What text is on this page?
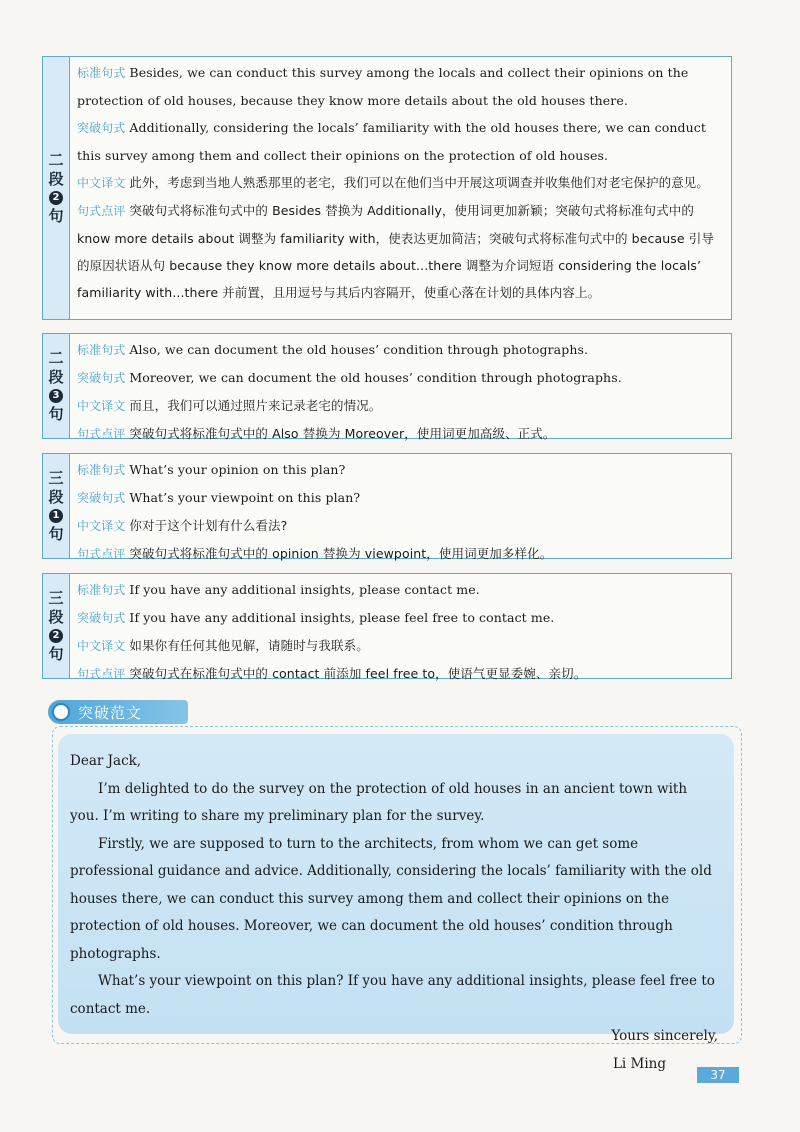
二
段
2
句
标准句式 Besides, we can conduct this survey among the locals and collect their opinions on the protection of old houses, because they know more details about the old houses there.
突破句式 Additionally, considering the locals’ familiarity with the old houses there, we can conduct this survey among them and collect their opinions on the protection of old houses.
中文译文 此外，考虑到当地人熟悉那里的老宅，我们可以在他们当中开展这项调查并收集他们对老宅保护的意见。
句式点评 突破句式将标准句式中的 Besides 替换为 Additionally，使用词更加新颖；突破句式将标准句式中的 know more details about 调整为 familiarity with，使表达更加简洁；突破句式将标准句式中的 because 引导的原因状语从句 because they know more details about...there 调整为介词短语 considering the locals’ familiarity with...there 并前置，且用逗号与其后内容隔开，使重心落在计划的具体内容上。
二
段
3
句
标准句式 Also, we can document the old houses’ condition through photographs.
突破句式 Moreover, we can document the old houses’ condition through photographs.
中文译文 而且，我们可以通过照片来记录老宅的情况。
句式点评 突破句式将标准句式中的 Also 替换为 Moreover，使用词更加高级、正式。
三
段
1
句
标准句式 What’s your opinion on this plan?
突破句式 What’s your viewpoint on this plan?
中文译文 你对于这个计划有什么看法?
句式点评 突破句式将标准句式中的 opinion 替换为 viewpoint，使用词更加多样化。
三
段
2
句
标准句式 If you have any additional insights, please contact me.
突破句式 If you have any additional insights, please feel free to contact me.
中文译文 如果你有任何其他见解，请随时与我联系。
句式点评 突破句式在标准句式中的 contact 前添加 feel free to，使语气更显委婉、亲切。
突破范文

Dear Jack,

I’m delighted to do the survey on the protection of old houses in an ancient town with you. I’m writing to share my preliminary plan for the survey.

Firstly, we are supposed to turn to the architects, from whom we can get some professional guidance and advice. Additionally, considering the locals’ familiarity with the old houses there, we can conduct this survey among them and collect their opinions on the protection of old houses. Moreover, we can document the old houses’ condition through photographs.

What’s your viewpoint on this plan? If you have any additional insights, please feel free to contact me.

Yours sincerely,

Li Ming

37
